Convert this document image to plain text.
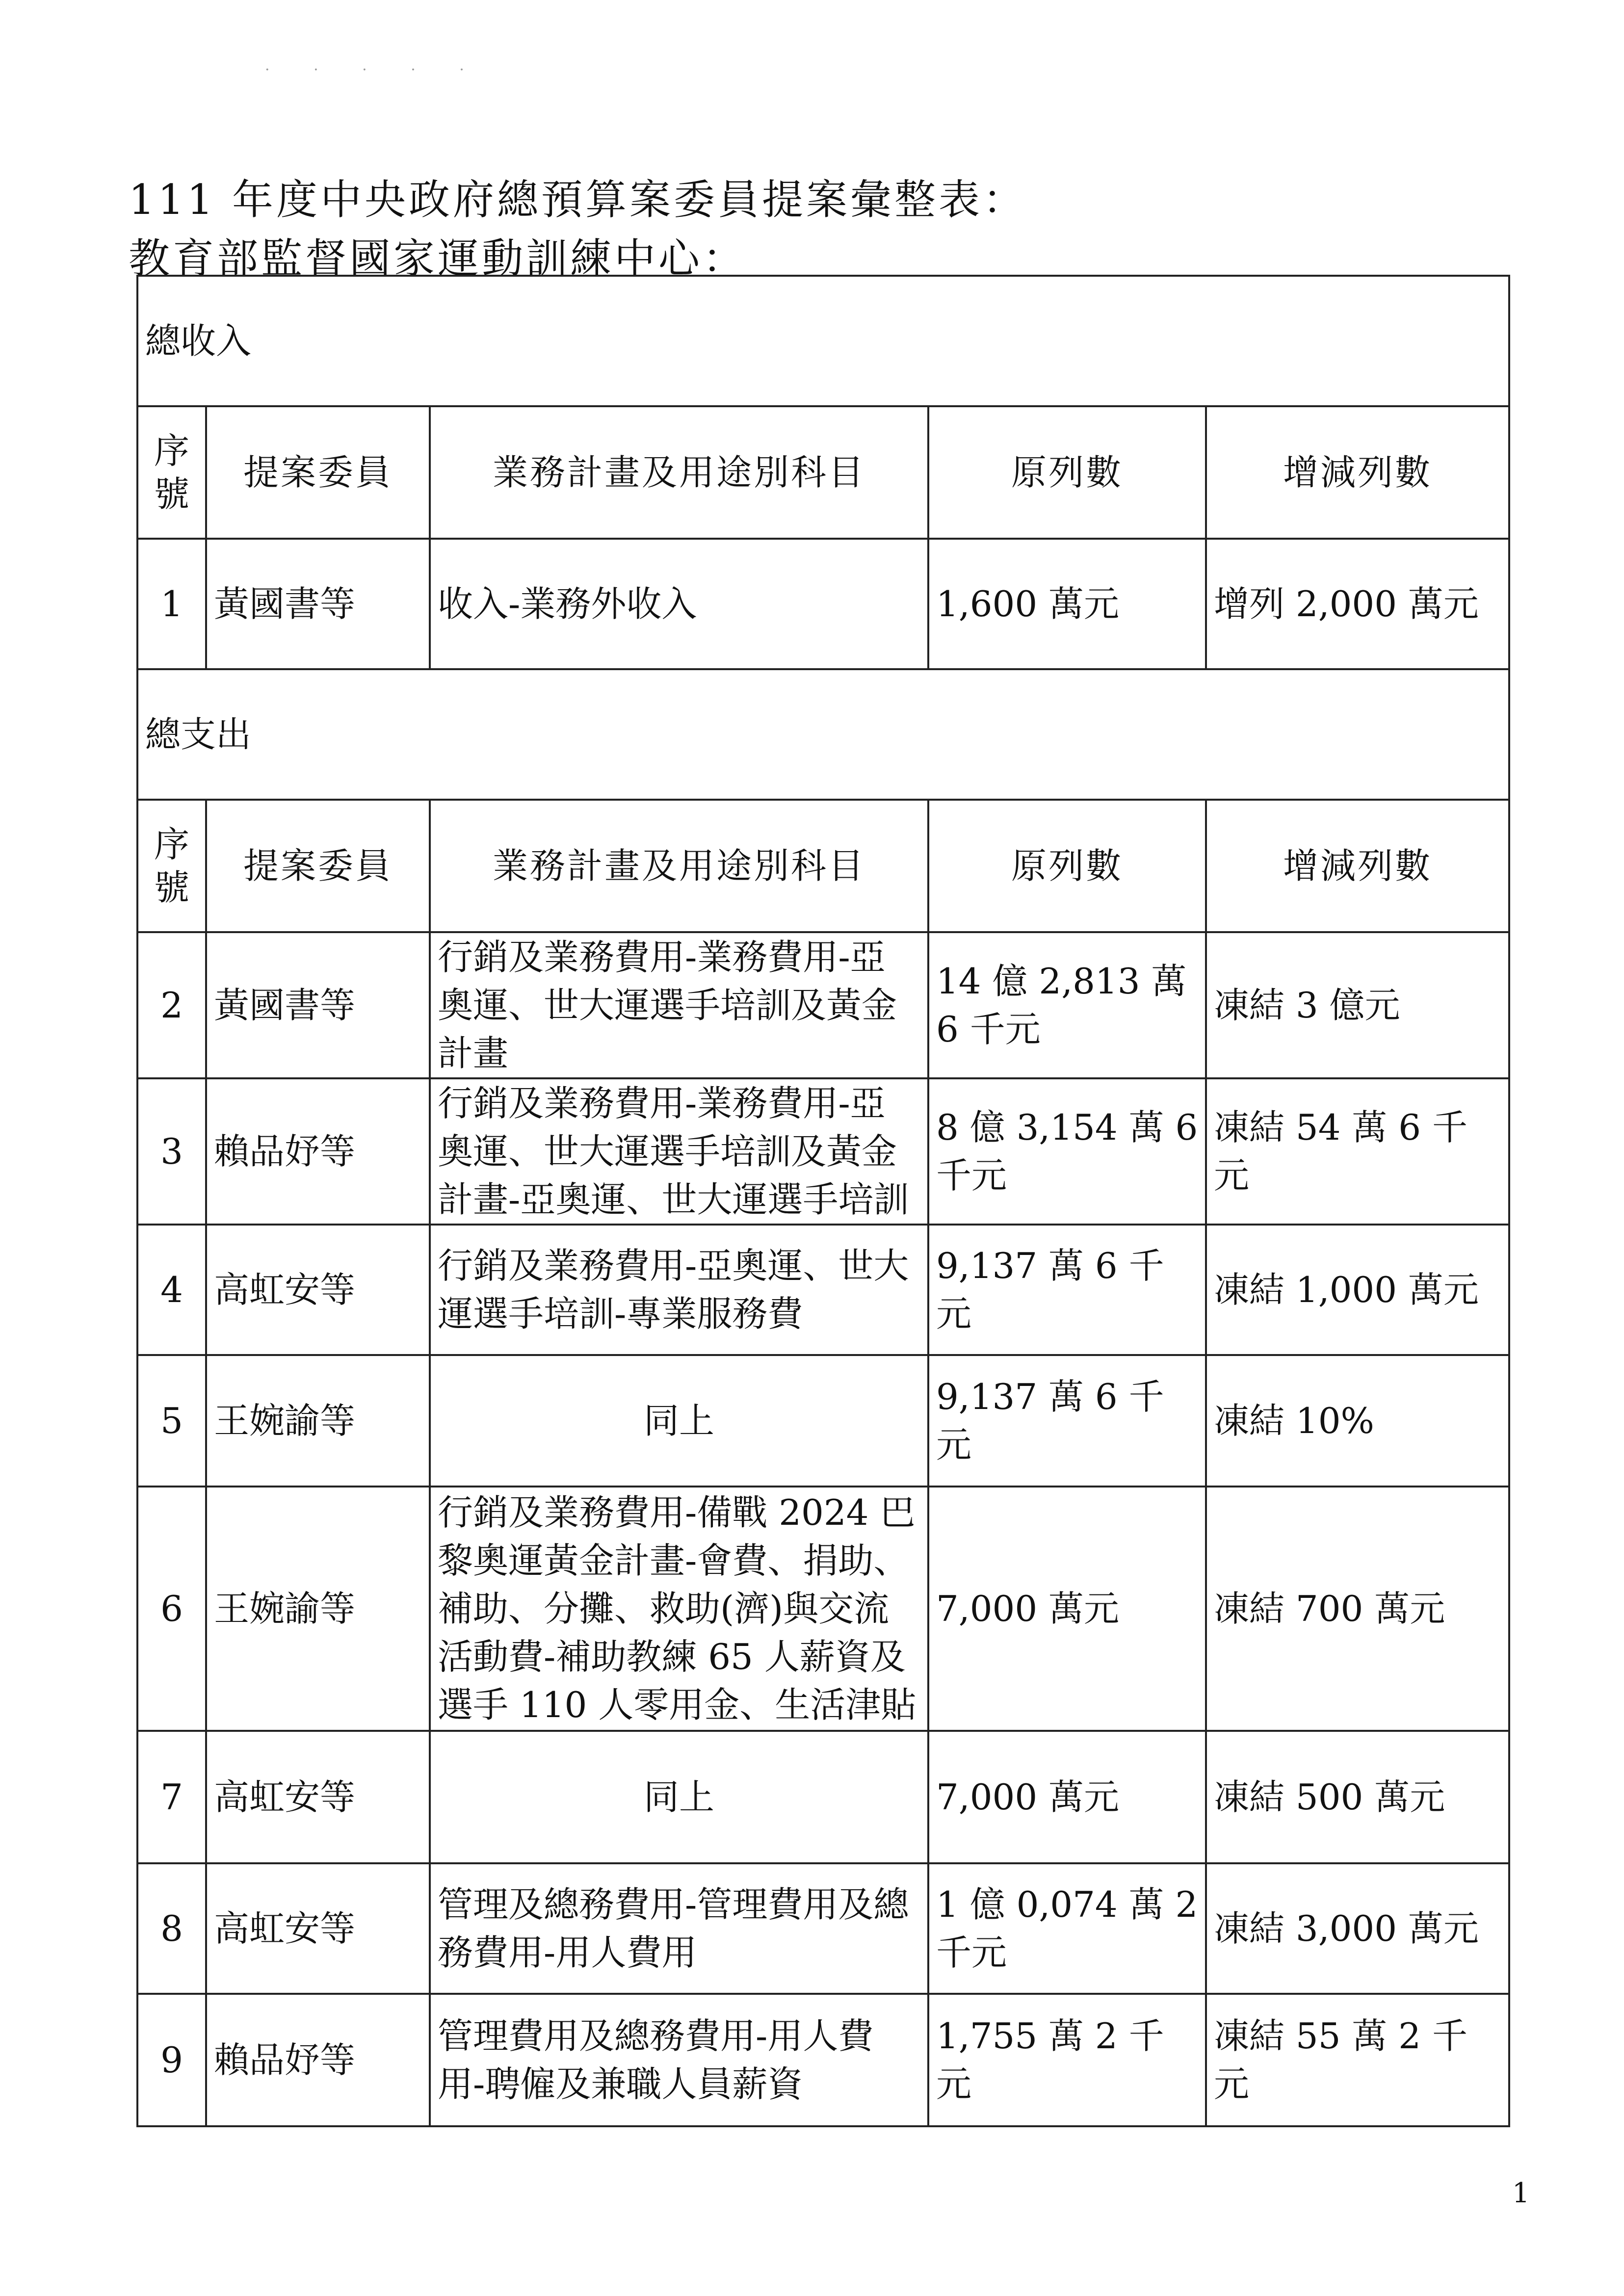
· · · · ·
111 年度中央政府總預算案委員提案彙整表：
教育部監督國家運動訓練中心：
總收入				
序號	提案委員	業務計畫及用途別科目	原列數	增減列數
1	黃國書等	收入-業務外收入	1,600 萬元	增列 2,000 萬元
總支出				
序號	提案委員	業務計畫及用途別科目	原列數	增減列數
2	黃國書等	行銷及業務費用-業務費用-亞奧運、世大運選手培訓及黃金計畫	14 億 2,813 萬 6 千元	凍結 3 億元
3	賴品妤等	行銷及業務費用-業務費用-亞奧運、世大運選手培訓及黃金計畫-亞奧運、世大運選手培訓	8 億 3,154 萬 6 千元	凍結 54 萬 6 千元
4	高虹安等	行銷及業務費用-亞奧運、世大運選手培訓-專業服務費	9,137 萬 6 千元	凍結 1,000 萬元
5	王婉諭等	同上	9,137 萬 6 千元	凍結 10%
6	王婉諭等	行銷及業務費用-備戰 2024 巴黎奧運黃金計畫-會費、捐助、補助、分攤、救助(濟)與交流活動費-補助教練 65 人薪資及選手 110 人零用金、生活津貼	7,000 萬元	凍結 700 萬元
7	高虹安等	同上	7,000 萬元	凍結 500 萬元
8	高虹安等	管理及總務費用-管理費用及總務費用-用人費用	1 億 0,074 萬 2 千元	凍結 3,000 萬元
9	賴品妤等	管理費用及總務費用-用人費用-聘僱及兼職人員薪資	1,755 萬 2 千元	凍結 55 萬 2 千元
1
